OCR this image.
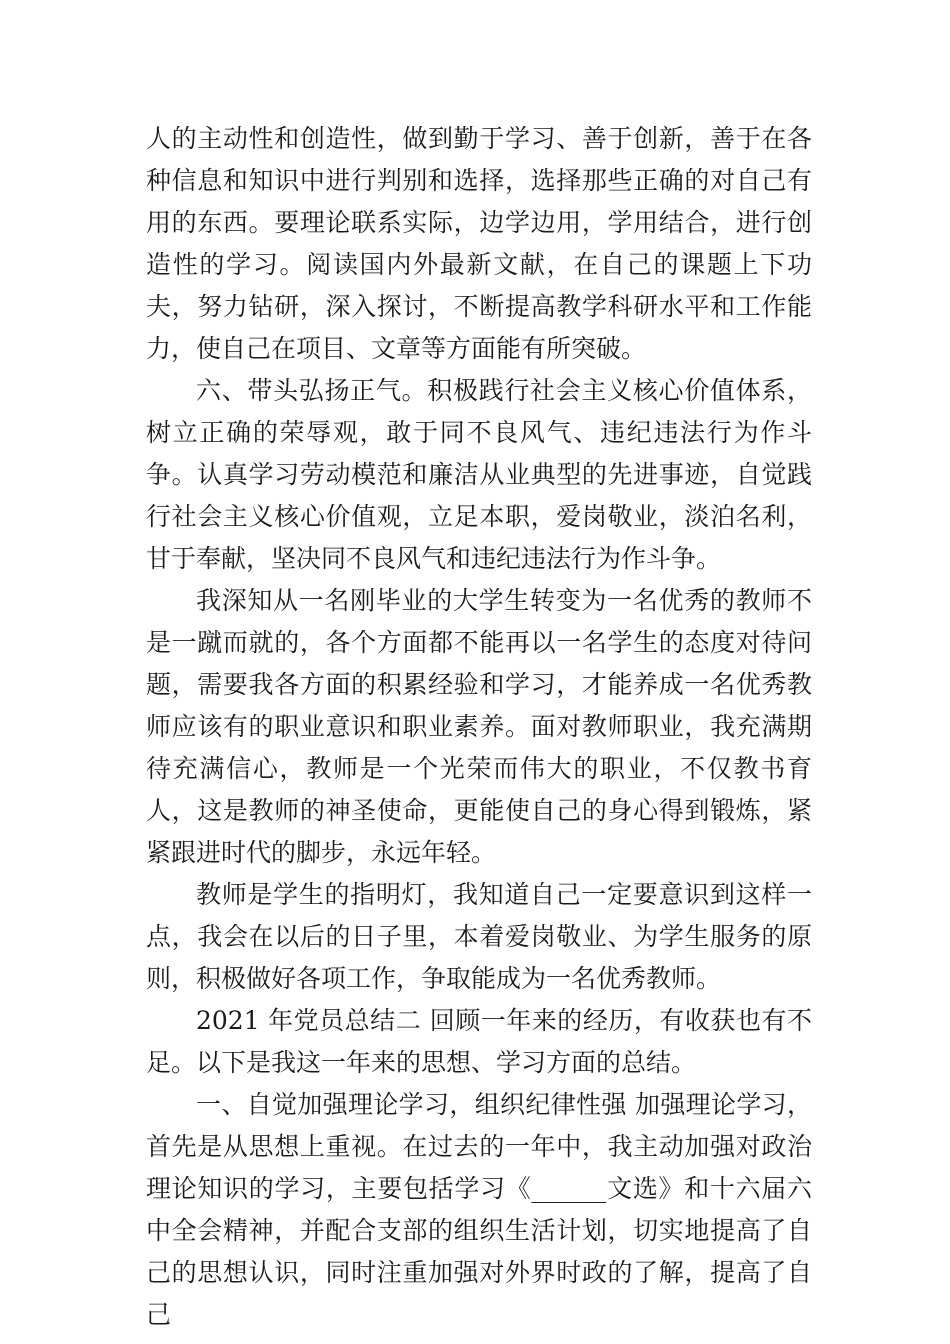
人的主动性和创造性，做到勤于学习、善于创新，善于在各种信息和知识中进行判别和选择，选择那些正确的对自己有用的东西。要理论联系实际，边学边用，学用结合，进行创造性的学习。阅读国内外最新文献，在自己的课题上下功夫，努力钻研，深入探讨，不断提高教学科研水平和工作能力，使自己在项目、文章等方面能有所突破。

六、带头弘扬正气。积极践行社会主义核心价值体系，树立正确的荣辱观，敢于同不良风气、违纪违法行为作斗争。认真学习劳动模范和廉洁从业典型的先进事迹，自觉践行社会主义核心价值观，立足本职，爱岗敬业，淡泊名利，甘于奉献，坚决同不良风气和违纪违法行为作斗争。

我深知从一名刚毕业的大学生转变为一名优秀的教师不是一蹴而就的，各个方面都不能再以一名学生的态度对待问题，需要我各方面的积累经验和学习，才能养成一名优秀教师应该有的职业意识和职业素养。面对教师职业，我充满期待充满信心，教师是一个光荣而伟大的职业，不仅教书育人，这是教师的神圣使命，更能使自己的身心得到锻炼，紧紧跟进时代的脚步，永远年轻。

教师是学生的指明灯，我知道自己一定要意识到这样一点，我会在以后的日子里，本着爱岗敬业、为学生服务的原则，积极做好各项工作，争取能成为一名优秀教师。

2021 年党员总结二 回顾一年来的经历，有收获也有不足。以下是我这一年来的思想、学习方面的总结。

一、自觉加强理论学习，组织纪律性强 加强理论学习，首先是从思想上重视。在过去的一年中，我主动加强对政治理论知识的学习，主要包括学习《______文选》和十六届六中全会精神，并配合支部的组织生活计划，切实地提高了自己的思想认识，同时注重加强对外界时政的了解，提高了自己
